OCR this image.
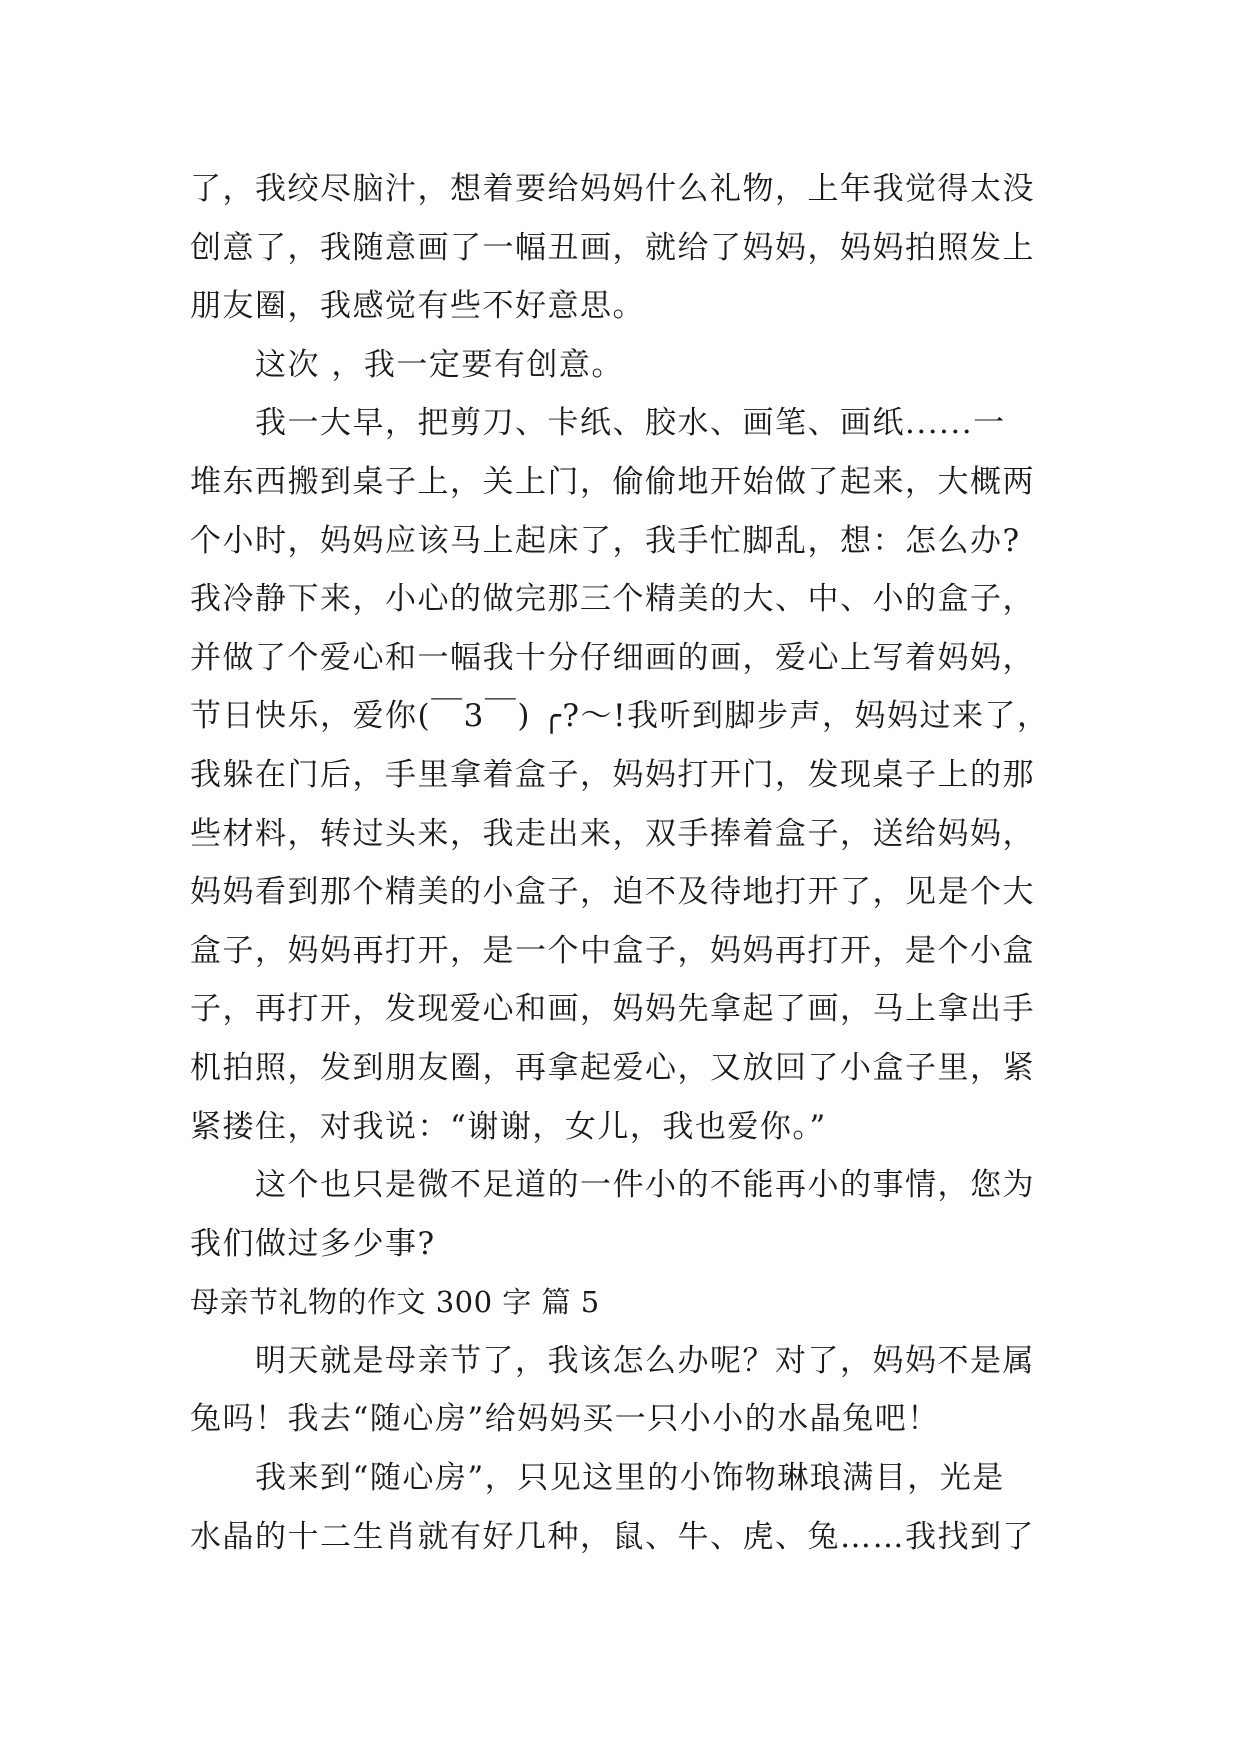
了，我绞尽脑汁，想着要给妈妈什么礼物，上年我觉得太没
创意了，我随意画了一幅丑画，就给了妈妈，妈妈拍照发上
朋友圈，我感觉有些不好意思。
这次 ，我一定要有创意。
我一大早，把剪刀、卡纸、胶水、画笔、画纸......一
堆东西搬到桌子上，关上门，偷偷地开始做了起来，大概两
个小时，妈妈应该马上起床了，我手忙脚乱，想：怎么办?
我冷静下来，小心的做完那三个精美的大、中、小的盒子，
并做了个爱心和一幅我十分仔细画的画，爱心上写着妈妈，
节日快乐，爱你(￣3￣) ╭?～!我听到脚步声，妈妈过来了，
我躲在门后，手里拿着盒子，妈妈打开门，发现桌子上的那
些材料，转过头来，我走出来，双手捧着盒子，送给妈妈，
妈妈看到那个精美的小盒子，迫不及待地打开了，见是个大
盒子，妈妈再打开，是一个中盒子，妈妈再打开，是个小盒
子，再打开，发现爱心和画，妈妈先拿起了画，马上拿出手
机拍照，发到朋友圈，再拿起爱心，又放回了小盒子里，紧
紧搂住，对我说：“谢谢，女儿，我也爱你。”
这个也只是微不足道的一件小的不能再小的事情，您为
我们做过多少事?
母亲节礼物的作文 300 字 篇 5
明天就是母亲节了，我该怎么办呢？对了，妈妈不是属
兔吗！我去“随心房”给妈妈买一只小小的水晶兔吧！
我来到“随心房”，只见这里的小饰物琳琅满目，光是
水晶的十二生肖就有好几种，鼠、牛、虎、兔……我找到了
